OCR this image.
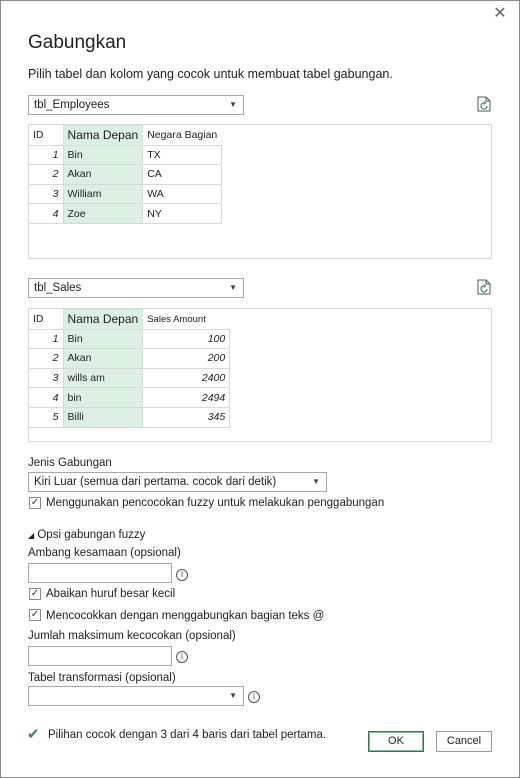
✕
Gabungkan
Pilih tabel dan kolom yang cocok untuk membuat tabel gabungan.
tbl_Employees	▼
ID	Nama Depan	Negara Bagian
1	Bin	TX
2	Akan	CA
3	William	WA
4	Zoe	NY
tbl_Sales	▼
ID	Nama Depan	Sales Amount
1	Bin	100
2	Akan	200
3	wills am	2400
4	bin	2494
5	Billi	345
Jenis Gabungan
Kiri Luar (semua dari pertama. cocok dari detik)	▼
✓ Menggunakan pencocokan fuzzy untuk melakukan penggabungan
◢ Opsi gabungan fuzzy
Ambang kesamaan (opsional)
i
✓ Abaikan huruf besar kecil
✓ Mencocokkan dengan menggabungkan bagian teks @
Jumlah maksimum kecocokan (opsional)
i
Tabel transformasi (opsional)
▼	i
✔ Pilihan cocok dengan 3 dari 4 baris dari tabel pertama.	OK	Cancel
